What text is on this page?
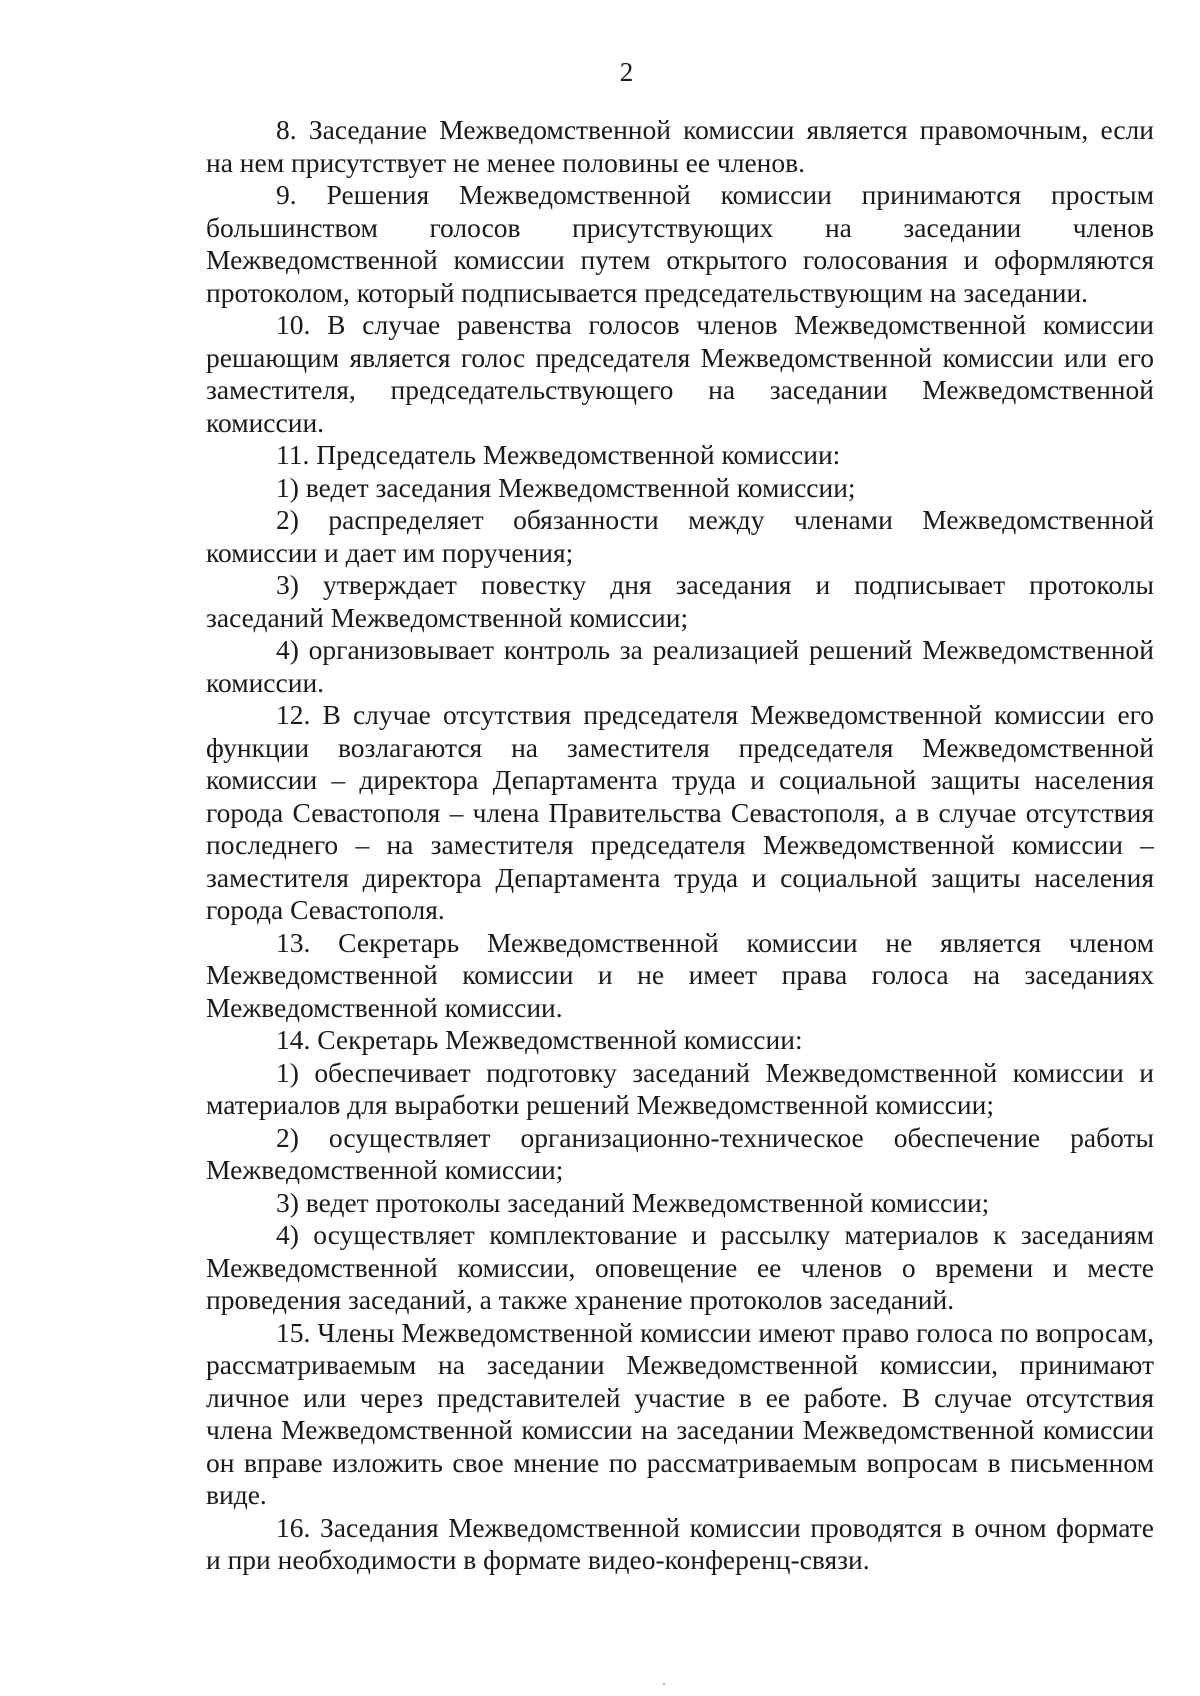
2

8. Заседание Межведомственной комиссии является правомочным, если на нем присутствует не менее половины ее членов.

9. Решения Межведомственной комиссии принимаются простым большинством голосов присутствующих на заседании членов Межведомственной комиссии путем открытого голосования и оформляются протоколом, который подписывается председательствующим на заседании.

10. В случае равенства голосов членов Межведомственной комиссии решающим является голос председателя Межведомственной комиссии или его заместителя, председательствующего на заседании Межведомственной комиссии.

11. Председатель Межведомственной комиссии:

1) ведет заседания Межведомственной комиссии;

2) распределяет обязанности между членами Межведомственной комиссии и дает им поручения;

3) утверждает повестку дня заседания и подписывает протоколы заседаний Межведомственной комиссии;

4) организовывает контроль за реализацией решений Межведомственной комиссии.

12. В случае отсутствия председателя Межведомственной комиссии его функции возлагаются на заместителя председателя Межведомственной комиссии – директора Департамента труда и социальной защиты населения города Севастополя – члена Правительства Севастополя, а в случае отсутствия последнего – на заместителя председателя Межведомственной комиссии – заместителя директора Департамента труда и социальной защиты населения города Севастополя.

13. Секретарь Межведомственной комиссии не является членом Межведомственной комиссии и не имеет права голоса на заседаниях Межведомственной комиссии.

14. Секретарь Межведомственной комиссии:

1) обеспечивает подготовку заседаний Межведомственной комиссии и материалов для выработки решений Межведомственной комиссии;

2) осуществляет организационно-техническое обеспечение работы Межведомственной комиссии;

3) ведет протоколы заседаний Межведомственной комиссии;

4) осуществляет комплектование и рассылку материалов к заседаниям Межведомственной комиссии, оповещение ее членов о времени и месте проведения заседаний, а также хранение протоколов заседаний.

15. Члены Межведомственной комиссии имеют право голоса по вопросам, рассматриваемым на заседании Межведомственной комиссии, принимают личное или через представителей участие в ее работе. В случае отсутствия члена Межведомственной комиссии на заседании Межведомственной комиссии он вправе изложить свое мнение по рассматриваемым вопросам в письменном виде.

16. Заседания Межведомственной комиссии проводятся в очном формате и при необходимости в формате видео-конференц-связи.
